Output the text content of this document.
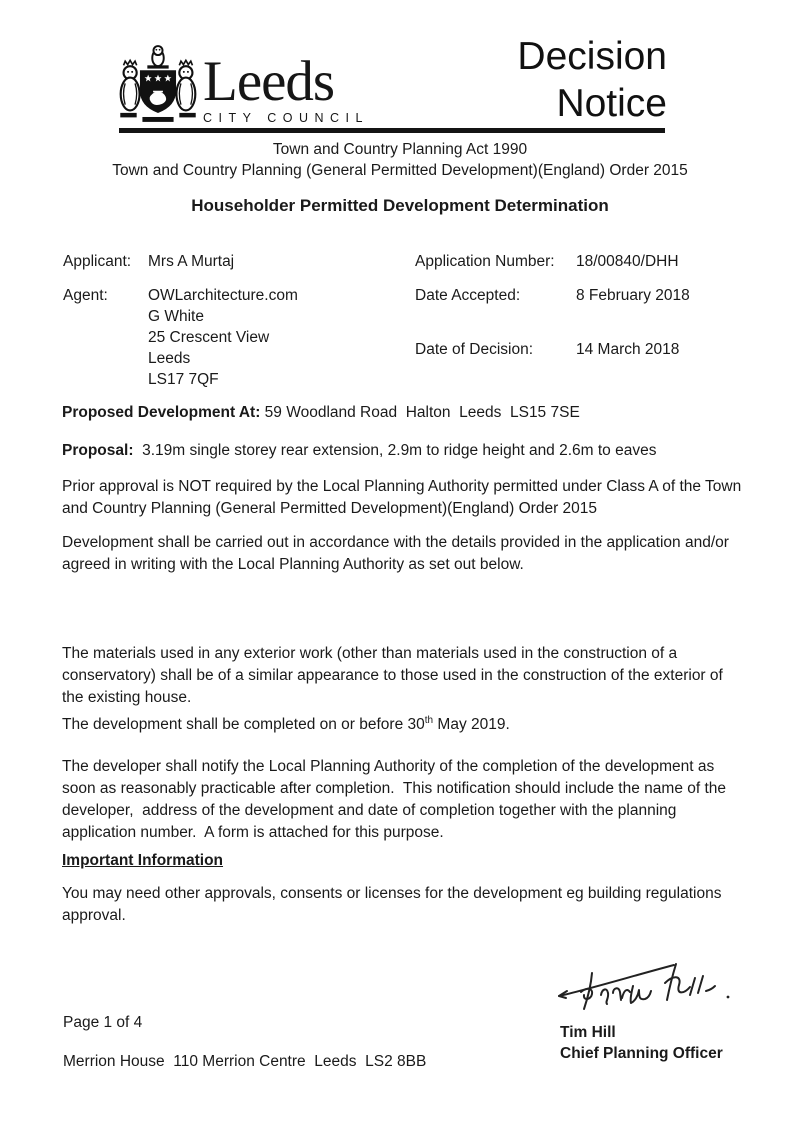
Leeds
CITY COUNCIL
Decision
Notice
Town and Country Planning Act 1990
Town and Country Planning (General Permitted Development)(England) Order 2015
Householder Permitted Development Determination
Applicant: Mrs A Murtaj
Agent:	OWLarchitecture.com
G White
25 Crescent View
Leeds
LS17 7QF
Application Number: 18/00840/DHH
Date Accepted:	8 February 2018
Date of Decision:	14 March 2018
Proposed Development At: 59 Woodland Road  Halton  Leeds  LS15 7SE
Proposal:  3.19m single storey rear extension, 2.9m to ridge height and 2.6m to eaves
Prior approval is NOT required by the Local Planning Authority permitted under Class A of the Town and Country Planning (General Permitted Development)(England) Order 2015
Development shall be carried out in accordance with the details provided in the application and/or agreed in writing with the Local Planning Authority as set out below.
The materials used in any exterior work (other than materials used in the construction of a conservatory) shall be of a similar appearance to those used in the construction of the exterior of the existing house.
The development shall be completed on or before 30th May 2019.
The developer shall notify the Local Planning Authority of the completion of the development as soon as reasonably practicable after completion.  This notification should include the name of the developer,  address of the development and date of completion together with the planning application number.  A form is attached for this purpose.
Important Information
You may need other approvals, consents or licenses for the development eg building regulations approval.
Page 1 of 4
Tim Hill
Chief Planning Officer
Merrion House  110 Merrion Centre  Leeds  LS2 8BB
